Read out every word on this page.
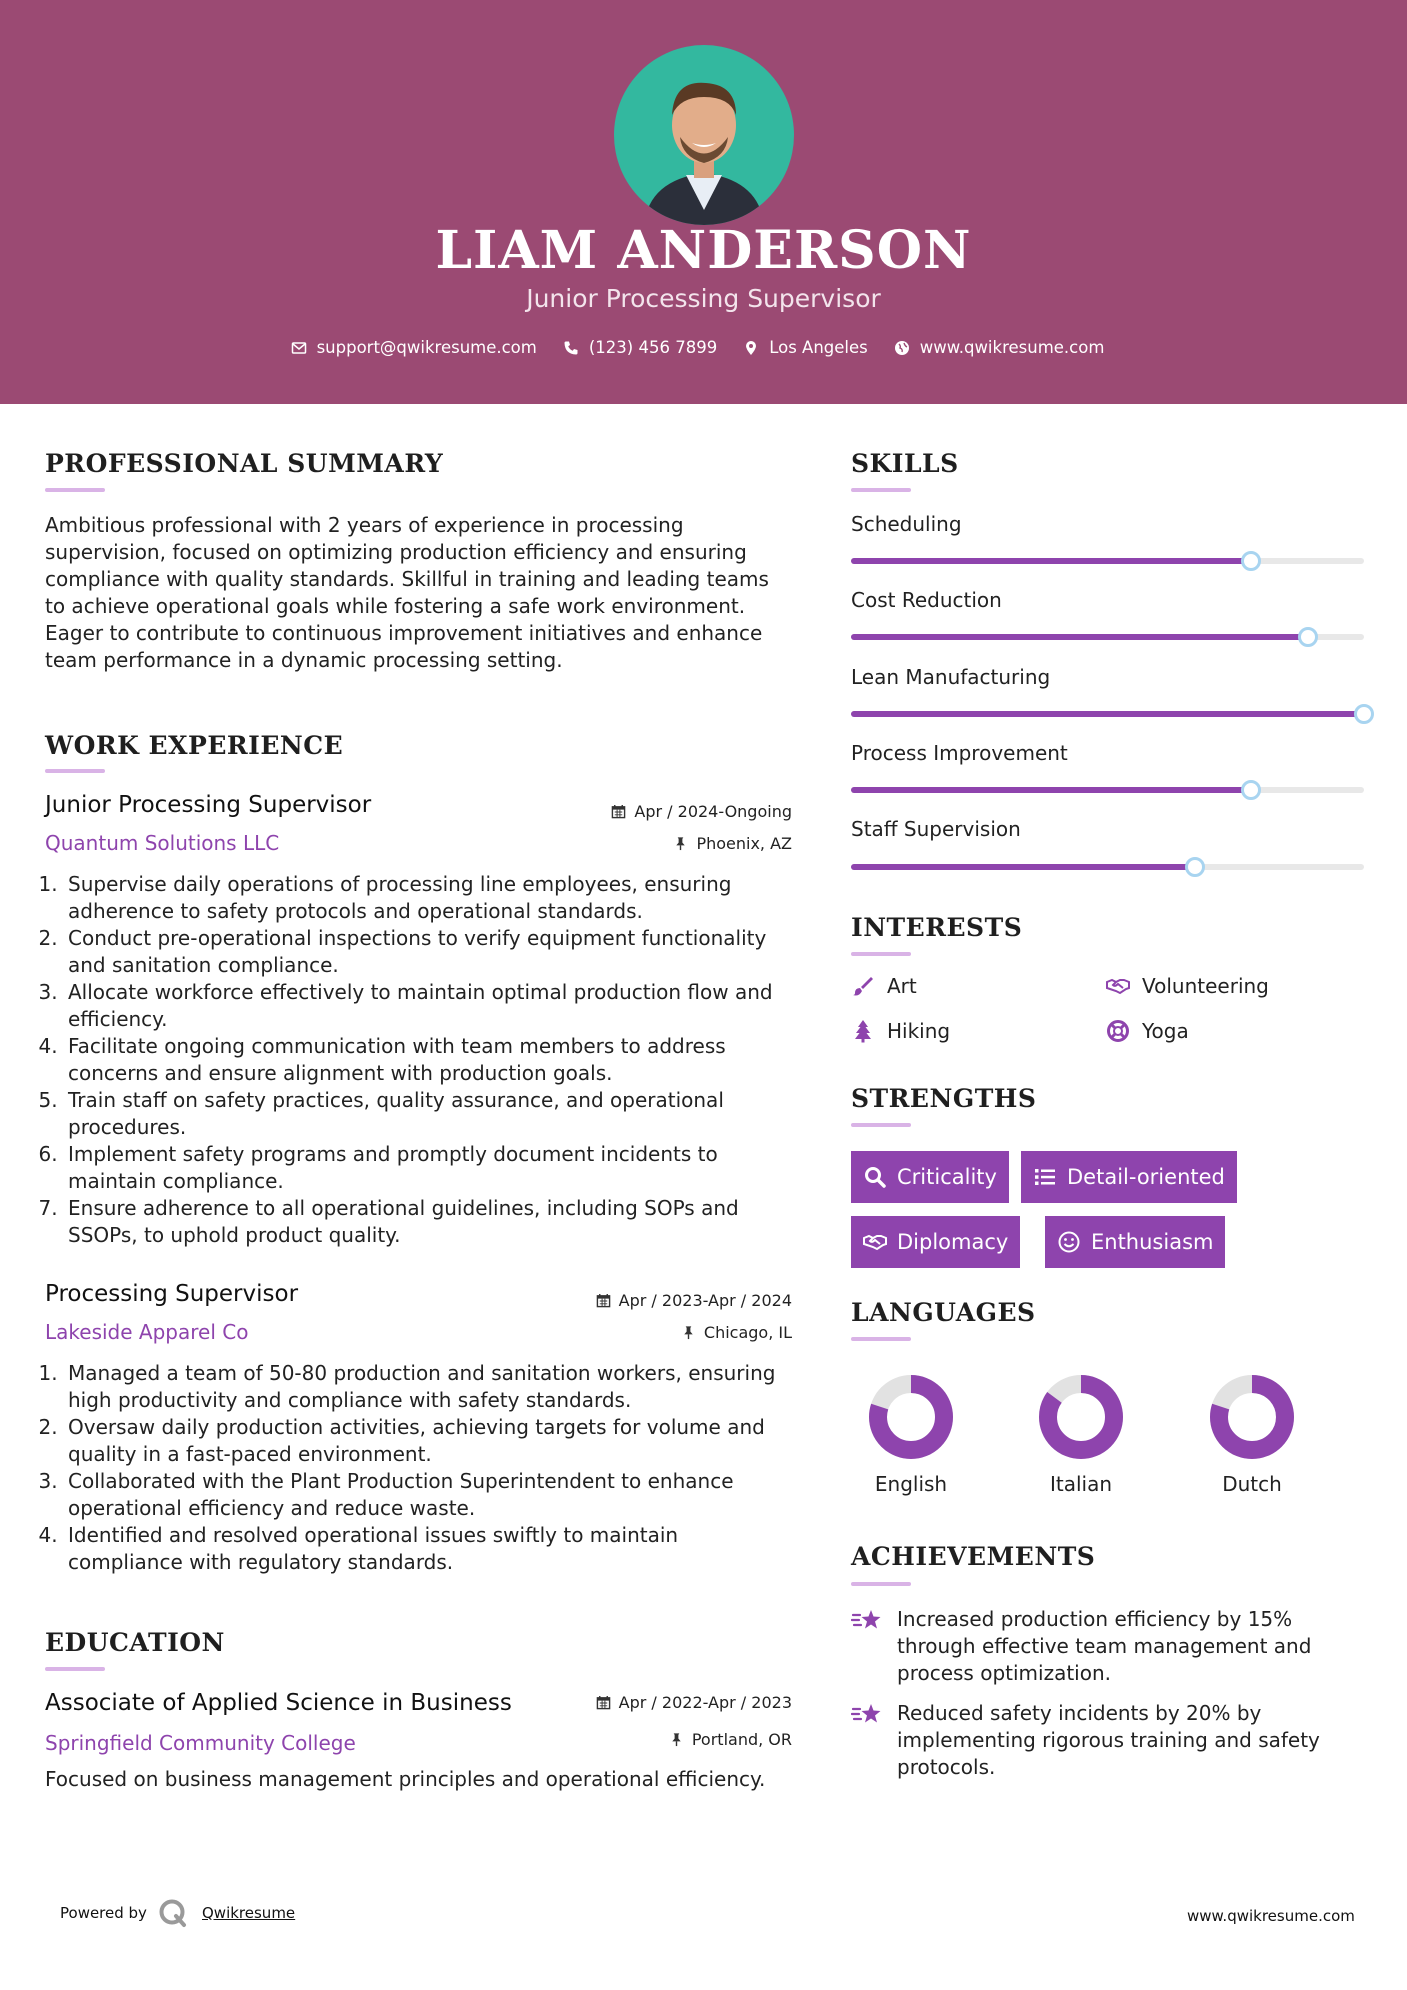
LIAM ANDERSON
Junior Processing Supervisor
support@qwikresume.com	(123) 456 7899	Los Angeles	www.qwikresume.com
PROFESSIONAL SUMMARY
Ambitious professional with 2 years of experience in processing supervision, focused on optimizing production efficiency and ensuring compliance with quality standards. Skillful in training and leading teams to achieve operational goals while fostering a safe work environment. Eager to contribute to continuous improvement initiatives and enhance team performance in a dynamic processing setting.
WORK EXPERIENCE
Junior Processing Supervisor	Apr / 2024-Ongoing
Quantum Solutions LLC	Phoenix, AZ
1. Supervise daily operations of processing line employees, ensuring adherence to safety protocols and operational standards.
2. Conduct pre-operational inspections to verify equipment functionality and sanitation compliance.
3. Allocate workforce effectively to maintain optimal production flow and efficiency.
4. Facilitate ongoing communication with team members to address concerns and ensure alignment with production goals.
5. Train staff on safety practices, quality assurance, and operational procedures.
6. Implement safety programs and promptly document incidents to maintain compliance.
7. Ensure adherence to all operational guidelines, including SOPs and SSOPs, to uphold product quality.
Processing Supervisor	Apr / 2023-Apr / 2024
Lakeside Apparel Co	Chicago, IL
1. Managed a team of 50-80 production and sanitation workers, ensuring high productivity and compliance with safety standards.
2. Oversaw daily production activities, achieving targets for volume and quality in a fast-paced environment.
3. Collaborated with the Plant Production Superintendent to enhance operational efficiency and reduce waste.
4. Identified and resolved operational issues swiftly to maintain compliance with regulatory standards.
EDUCATION
Associate of Applied Science in Business	Apr / 2022-Apr / 2023
Springfield Community College	Portland, OR
Focused on business management principles and operational efficiency.
SKILLS
Scheduling
Cost Reduction
Lean Manufacturing
Process Improvement
Staff Supervision
INTERESTS
Art	Volunteering
Hiking	Yoga
STRENGTHS
Criticality	Detail-oriented
Diplomacy	Enthusiasm
LANGUAGES
English	Italian	Dutch
ACHIEVEMENTS
Increased production efficiency by 15% through effective team management and process optimization.
Reduced safety incidents by 20% by implementing rigorous training and safety protocols.
Powered by	Qwikresume	www.qwikresume.com
